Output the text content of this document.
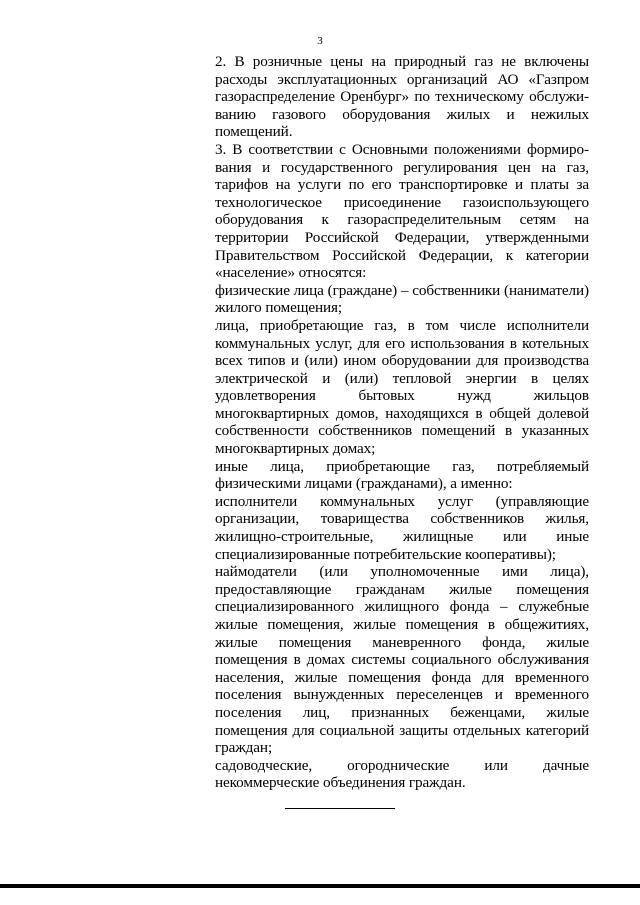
3
2. В розничные цены на природный газ не включены
расходы эксплуатационных организаций АО «Газпром
газораспределение Оренбург» по техническому обслужи-
ванию газового оборудования жилых и нежилых
помещений.
3. В соответствии с Основными положениями формиро-
вания и государственного регулирования цен на газ,
тарифов на услуги по его транспортировке и платы за
технологическое присоединение газоиспользующего
оборудования к газораспределительным сетям на
территории Российской Федерации, утвержденными
Правительством Российской Федерации, к категории
«население» относятся:
физические лица (граждане) – собственники (наниматели)
жилого помещения;
лица, приобретающие газ, в том числе исполнители
коммунальных услуг, для его использования в котельных
всех типов и (или) ином оборудовании для производства
электрической и (или) тепловой энергии в целях
удовлетворения бытовых нужд жильцов
многоквартирных домов, находящихся в общей долевой
собственности собственников помещений в указанных
многоквартирных домах;
иные лица, приобретающие газ, потребляемый
физическими лицами (гражданами), а именно:
исполнители коммунальных услуг (управляющие
организации, товарищества собственников жилья,
жилищно-строительные, жилищные или иные
специализированные потребительские кооперативы);
наймодатели (или уполномоченные ими лица),
предоставляющие гражданам жилые помещения
специализированного жилищного фонда – служебные
жилые помещения, жилые помещения в общежитиях,
жилые помещения маневренного фонда, жилые
помещения в домах системы социального обслуживания
населения, жилые помещения фонда для временного
поселения вынужденных переселенцев и временного
поселения лиц, признанных беженцами, жилые
помещения для социальной защиты отдельных категорий
граждан;
садоводческие, огороднические или дачные
некоммерческие объединения граждан.
